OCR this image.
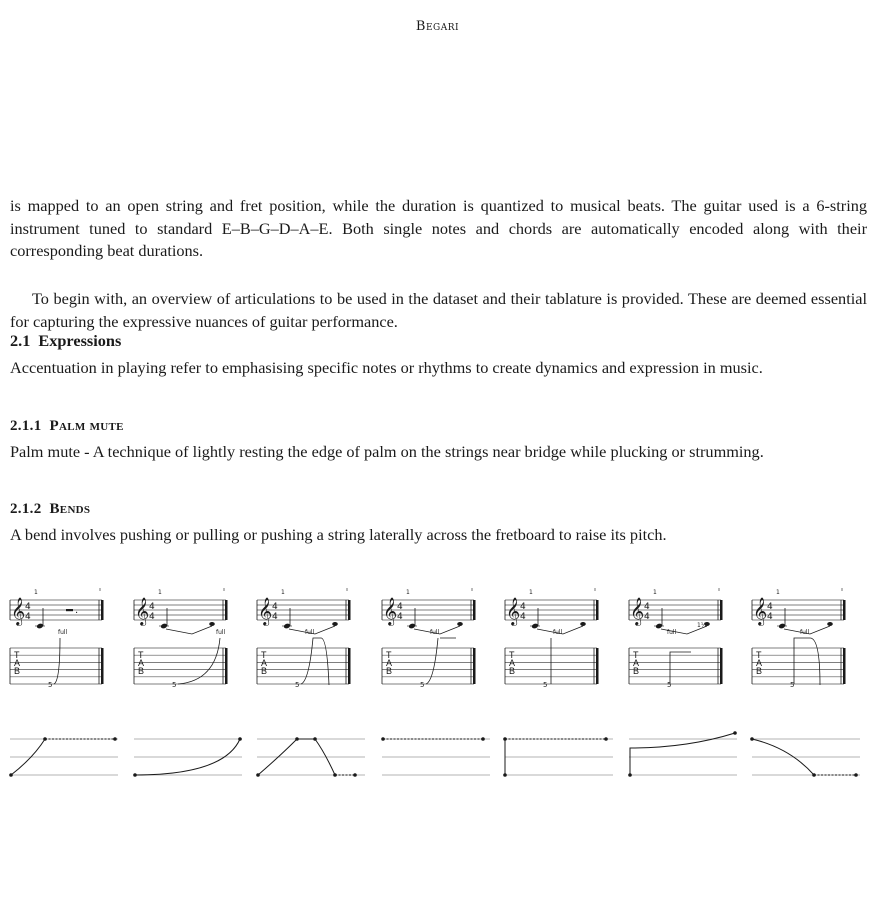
Begari

is mapped to an open string and fret position, while the duration is quantized to musical beats. The guitar used is a 6-string instrument tuned to standard E–B–G–D–A–E. Both single notes and chords are automatically encoded along with their corresponding beat durations.

To begin with, an overview of articulations to be used in the dataset and their tablature is provided. These are deemed essential for capturing the expressive nuances of guitar performance.

2.1 Expressions

Accentuation in playing refer to emphasising specific notes or rhythms to create dynamics and expression in music.

2.1.1 Palm mute

Palm mute - A technique of lightly resting the edge of palm on the strings near bridge while plucking or strumming.

2.1.2 Bends

A bend involves pushing or pulling or pushing a string laterally across the fretboard to raise its pitch.

1
𝄞 4
4
.
T
A
B
5
full
1
𝄞 4
4
T
A
B
5
full
1
𝄞 4
4
T
A
B
5
full
1
𝄞 4
4
T
A
B
5
full
1
𝄞 4
4
T
A
B
5
full
1
𝄞 4
4
T
A
B
5
full
1½
1
𝄞 4
4
T
A
B
5
full
